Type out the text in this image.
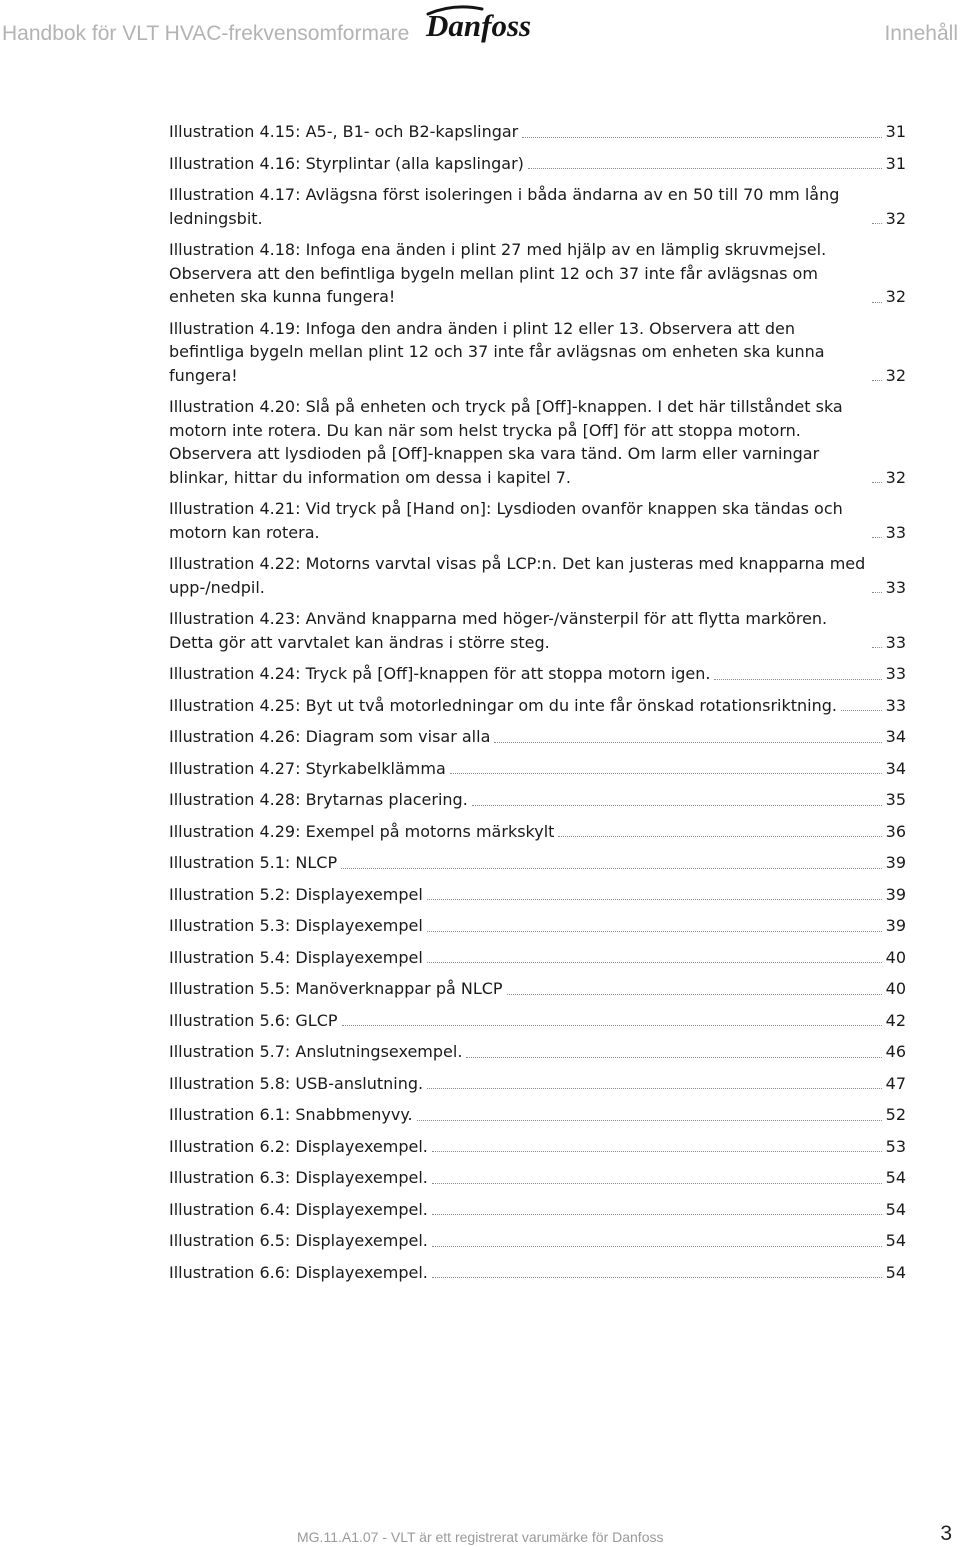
Handbok för VLT HVAC-frekvensomformare Danfoss	Innehåll
Illustration 4.15: A5-, B1- och B2-kapslingar	31
Illustration 4.16: Styrplintar (alla kapslingar)	31
Illustration 4.17: Avlägsna först isoleringen i båda ändarna av en 50 till 70 mm lång ledningsbit.	32
Illustration 4.18: Infoga ena änden i plint 27 med hjälp av en lämplig skruvmejsel. Observera att den befintliga bygeln mellan plint 12 och 37 inte får avlägsnas om enheten ska kunna fungera!	32
Illustration 4.19: Infoga den andra änden i plint 12 eller 13. Observera att den befintliga bygeln mellan plint 12 och 37 inte får avlägsnas om enheten ska kunna fungera!	32
Illustration 4.20: Slå på enheten och tryck på [Off]-knappen. I det här tillståndet ska motorn inte rotera. Du kan när som helst trycka på [Off] för att stoppa motorn. Observera att lysdioden på [Off]-knappen ska vara tänd. Om larm eller varningar blinkar, hittar du information om dessa i kapitel 7.	32
Illustration 4.21: Vid tryck på [Hand on]: Lysdioden ovanför knappen ska tändas och motorn kan rotera.	33
Illustration 4.22: Motorns varvtal visas på LCP:n. Det kan justeras med knapparna med upp-/nedpil.	33
Illustration 4.23: Använd knapparna med höger-/vänsterpil för att flytta markören. Detta gör att varvtalet kan ändras i större steg.	33
Illustration 4.24: Tryck på [Off]-knappen för att stoppa motorn igen.	33
Illustration 4.25: Byt ut två motorledningar om du inte får önskad rotationsriktning.	33
Illustration 4.26: Diagram som visar alla	34
Illustration 4.27: Styrkabelklämma	34
Illustration 4.28: Brytarnas placering.	35
Illustration 4.29: Exempel på motorns märkskylt	36
Illustration 5.1: NLCP	39
Illustration 5.2: Displayexempel	39
Illustration 5.3: Displayexempel	39
Illustration 5.4: Displayexempel	40
Illustration 5.5: Manöverknappar på NLCP	40
Illustration 5.6: GLCP	42
Illustration 5.7: Anslutningsexempel.	46
Illustration 5.8: USB-anslutning.	47
Illustration 6.1: Snabbmenyvy.	52
Illustration 6.2: Displayexempel.	53
Illustration 6.3: Displayexempel.	54
Illustration 6.4: Displayexempel.	54
Illustration 6.5: Displayexempel.	54
Illustration 6.6: Displayexempel.	54
MG.11.A1.07 - VLT är ett registrerat varumärke för Danfoss	3
